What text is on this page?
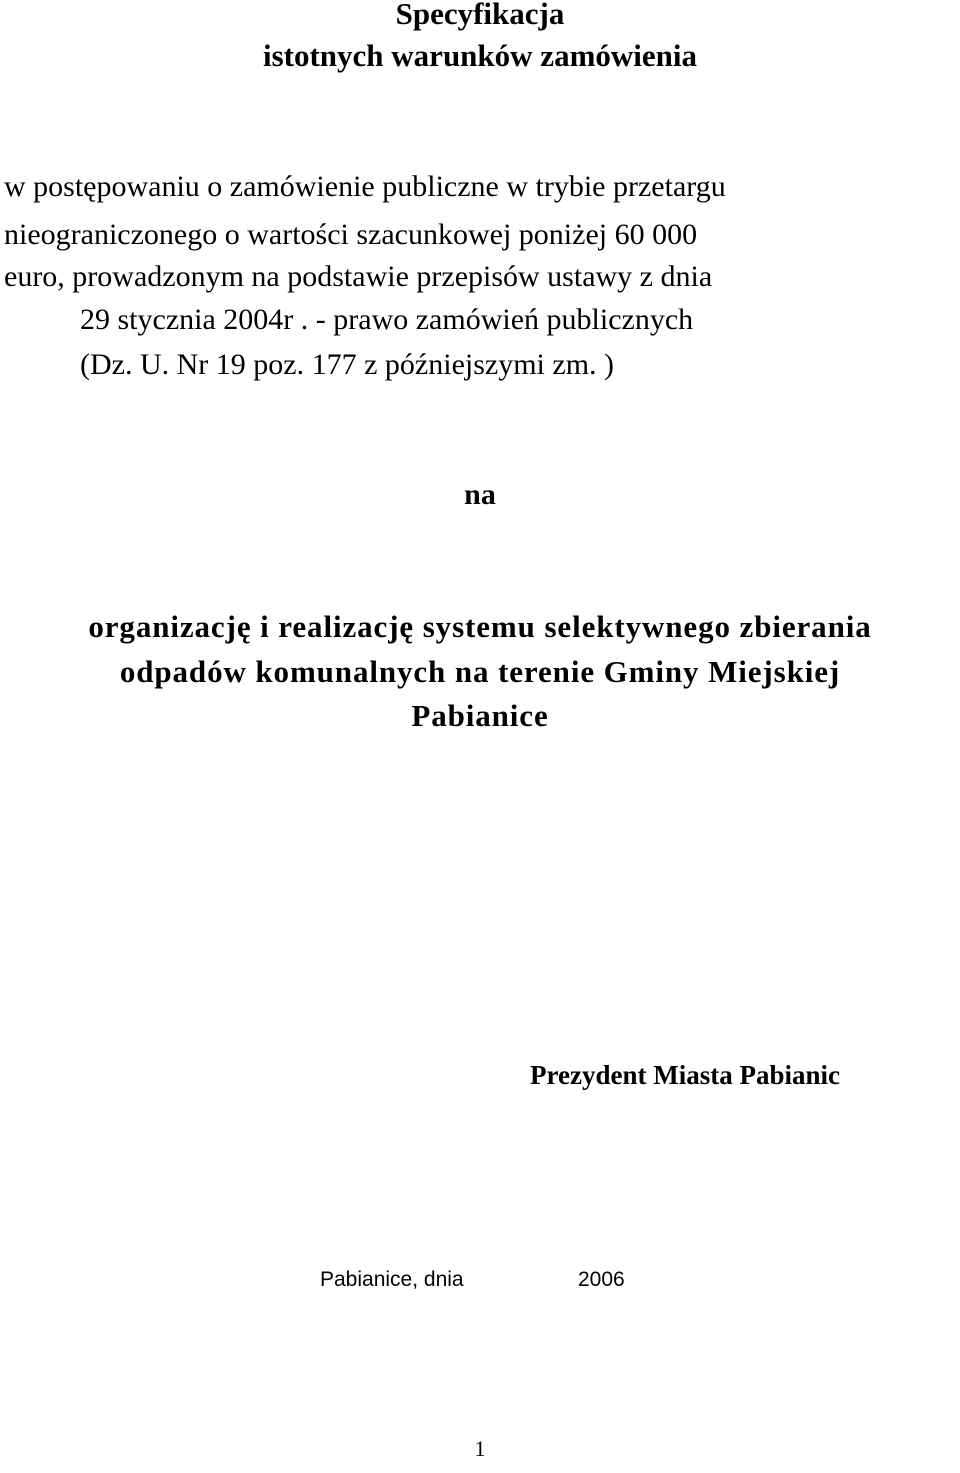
Specyfikacja

istotnych warunków zamówienia

w postępowaniu o zamówienie publiczne w trybie przetargu

nieograniczonego o wartości szacunkowej poniżej 60 000

euro, prowadzonym na podstawie przepisów ustawy z dnia

29 stycznia 2004r . - prawo zamówień publicznych

(Dz. U. Nr 19 poz. 177 z późniejszymi zm. )

na

organizację i realizację systemu selektywnego zbierania

odpadów komunalnych na terenie Gminy Miejskiej

Pabianice

Prezydent Miasta Pabianic

Pabianice, dnia	2006

1
